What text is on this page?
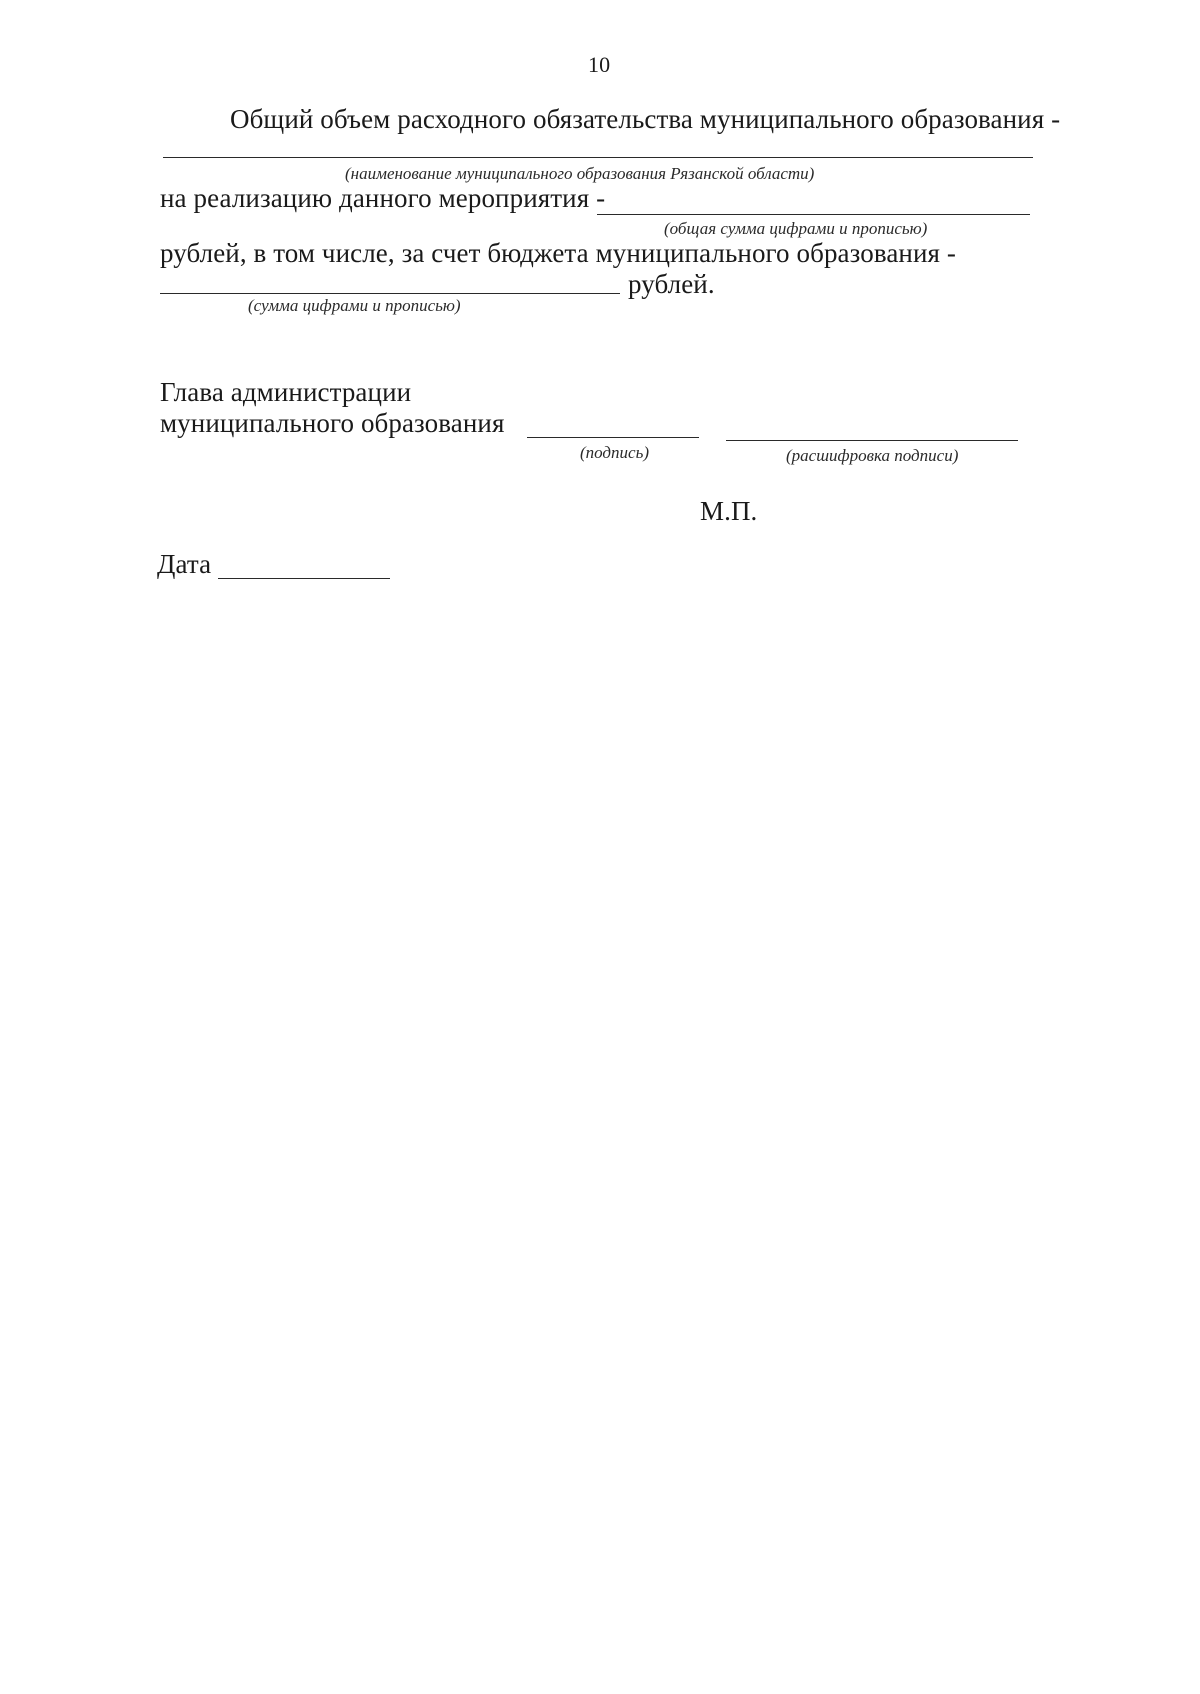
10
Общий объем расходного обязательства муниципального образования -
(наименование муниципального образования Рязанской области)
на реализацию данного мероприятия -
(общая сумма цифрами и прописью)
рублей, в том числе, за счет бюджета муниципального образования -
рублей.
(сумма цифрами и прописью)
Глава администрации
муниципального образования
(подпись)	(расшифровка подписи)
М.П.
Дата
